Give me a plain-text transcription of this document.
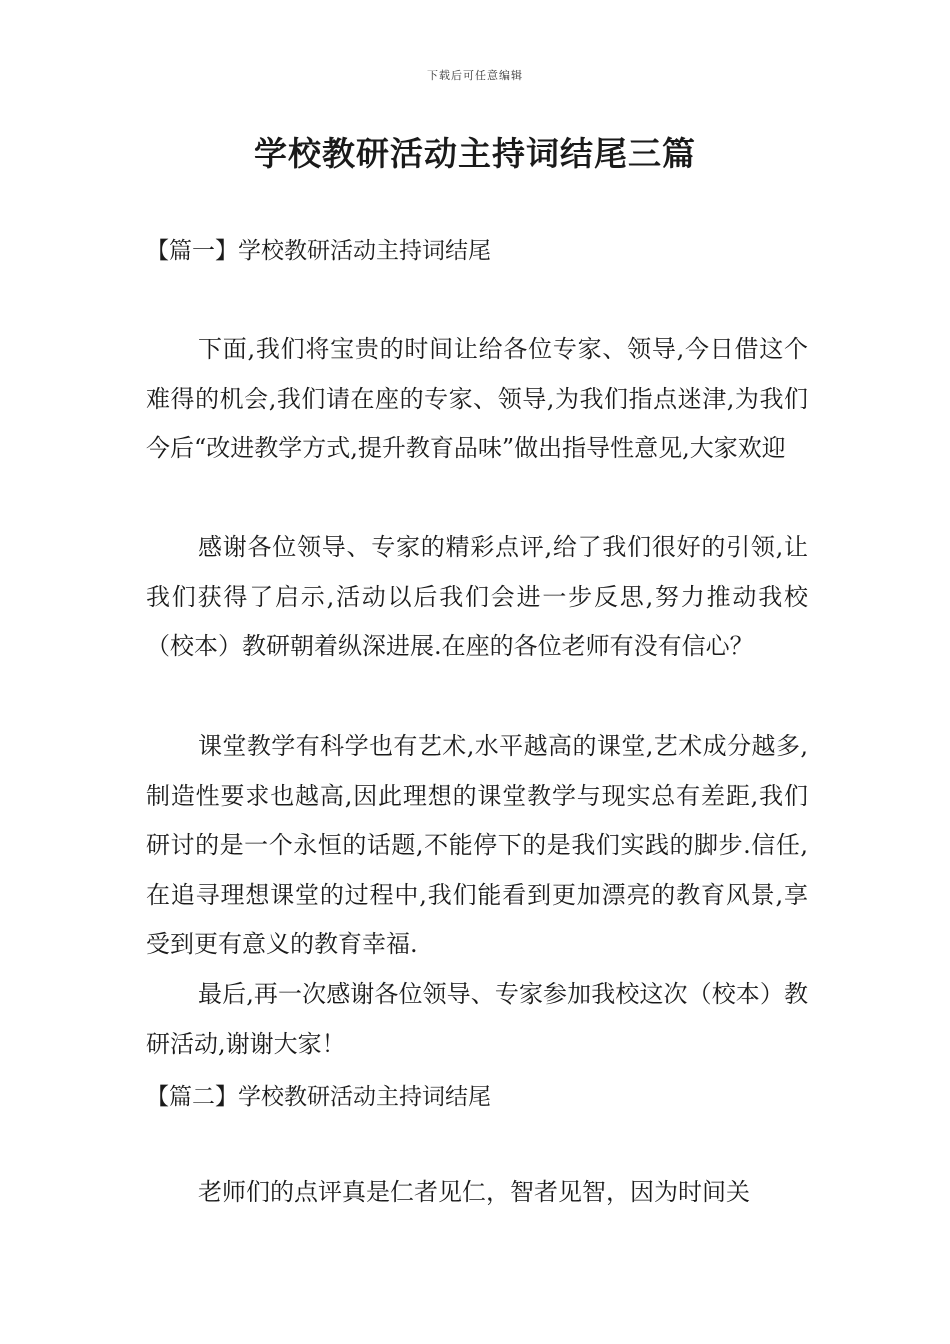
下载后可任意编辑
学校教研活动主持词结尾三篇
【篇一】学校教研活动主持词结尾

下面,我们将宝贵的时间让给各位专家、领导,今日借这个难得的机会,我们请在座的专家、领导,为我们指点迷津,为我们今后“改进教学方式,提升教育品味”做出指导性意见,大家欢迎

感谢各位领导、专家的精彩点评,给了我们很好的引领,让我们获得了启示,活动以后我们会进一步反思,努力推动我校（校本）教研朝着纵深进展.在座的各位老师有没有信心？

课堂教学有科学也有艺术,水平越高的课堂,艺术成分越多,制造性要求也越高,因此理想的课堂教学与现实总有差距,我们研讨的是一个永恒的话题,不能停下的是我们实践的脚步.信任,在追寻理想课堂的过程中,我们能看到更加漂亮的教育风景,享受到更有意义的教育幸福.

最后,再一次感谢各位领导、专家参加我校这次（校本）教研活动,谢谢大家！

【篇二】学校教研活动主持词结尾

老师们的点评真是仁者见仁，智者见智，因为时间关
